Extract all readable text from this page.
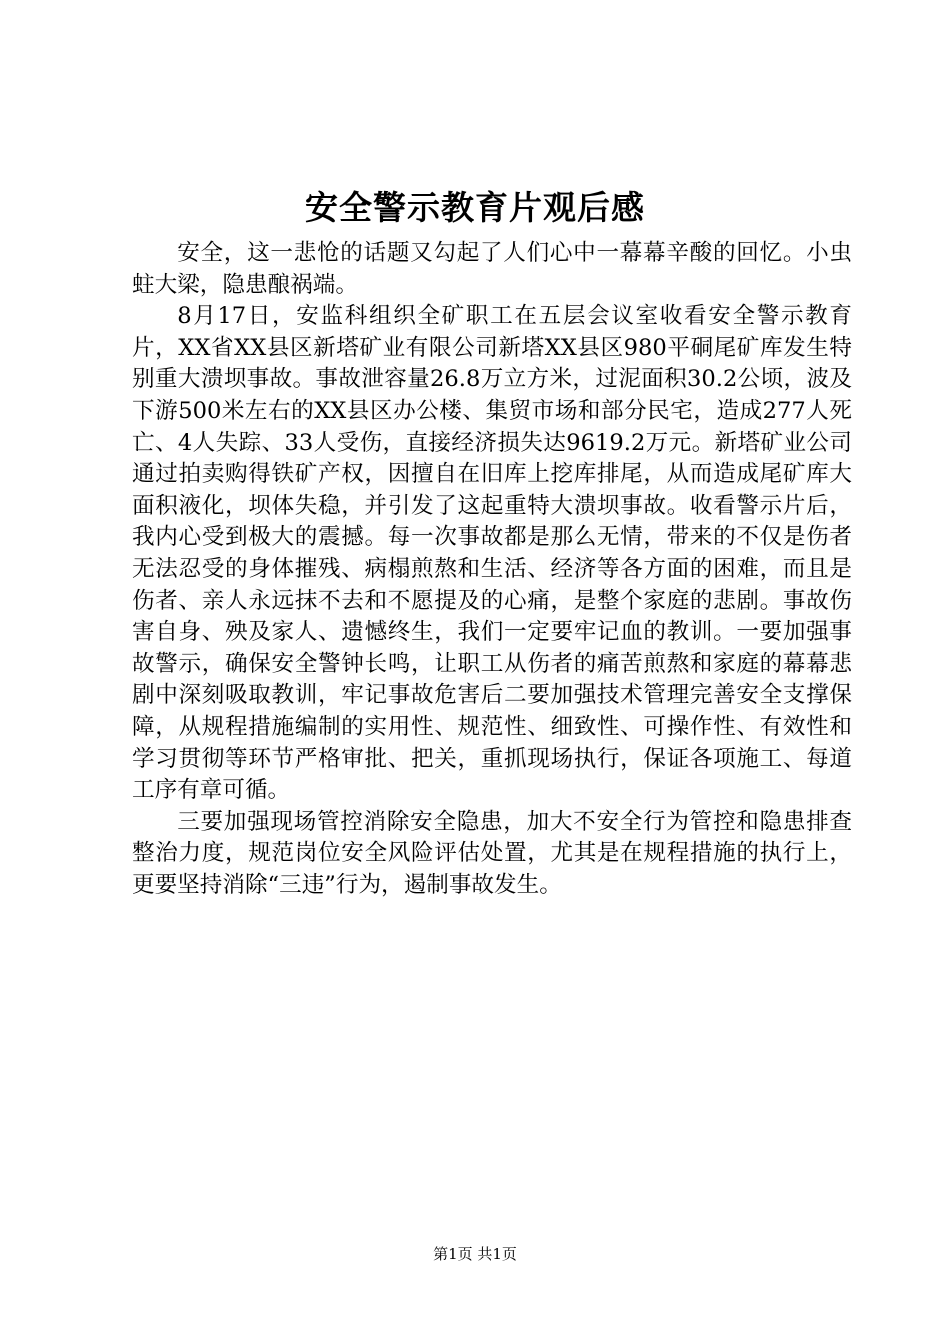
安全警示教育片观后感

安全，这一悲怆的话题又勾起了人们心中一幕幕辛酸的回忆。小虫蛀大梁，隐患酿祸端。

8月17日，安监科组织全矿职工在五层会议室收看安全警示教育片，XX省XX县区新塔矿业有限公司新塔XX县区980平硐尾矿库发生特别重大溃坝事故。事故泄容量26.8万立方米，过泥面积30.2公顷，波及下游500米左右的XX县区办公楼、集贸市场和部分民宅，造成277人死亡、4人失踪、33人受伤，直接经济损失达9619.2万元。新塔矿业公司通过拍卖购得铁矿产权，因擅自在旧库上挖库排尾，从而造成尾矿库大面积液化，坝体失稳，并引发了这起重特大溃坝事故。收看警示片后，我内心受到极大的震撼。每一次事故都是那么无情，带来的不仅是伤者无法忍受的身体摧残、病榻煎熬和生活、经济等各方面的困难，而且是伤者、亲人永远抹不去和不愿提及的心痛，是整个家庭的悲剧。事故伤害自身、殃及家人、遗憾终生，我们一定要牢记血的教训。一要加强事故警示，确保安全警钟长鸣，让职工从伤者的痛苦煎熬和家庭的幕幕悲剧中深刻吸取教训，牢记事故危害后二要加强技术管理完善安全支撑保障，从规程措施编制的实用性、规范性、细致性、可操作性、有效性和学习贯彻等环节严格审批、把关，重抓现场执行，保证各项施工、每道工序有章可循。

三要加强现场管控消除安全隐患，加大不安全行为管控和隐患排查整治力度，规范岗位安全风险评估处置，尤其是在规程措施的执行上，更要坚持消除“三违”行为，遏制事故发生。

第1页 共1页
